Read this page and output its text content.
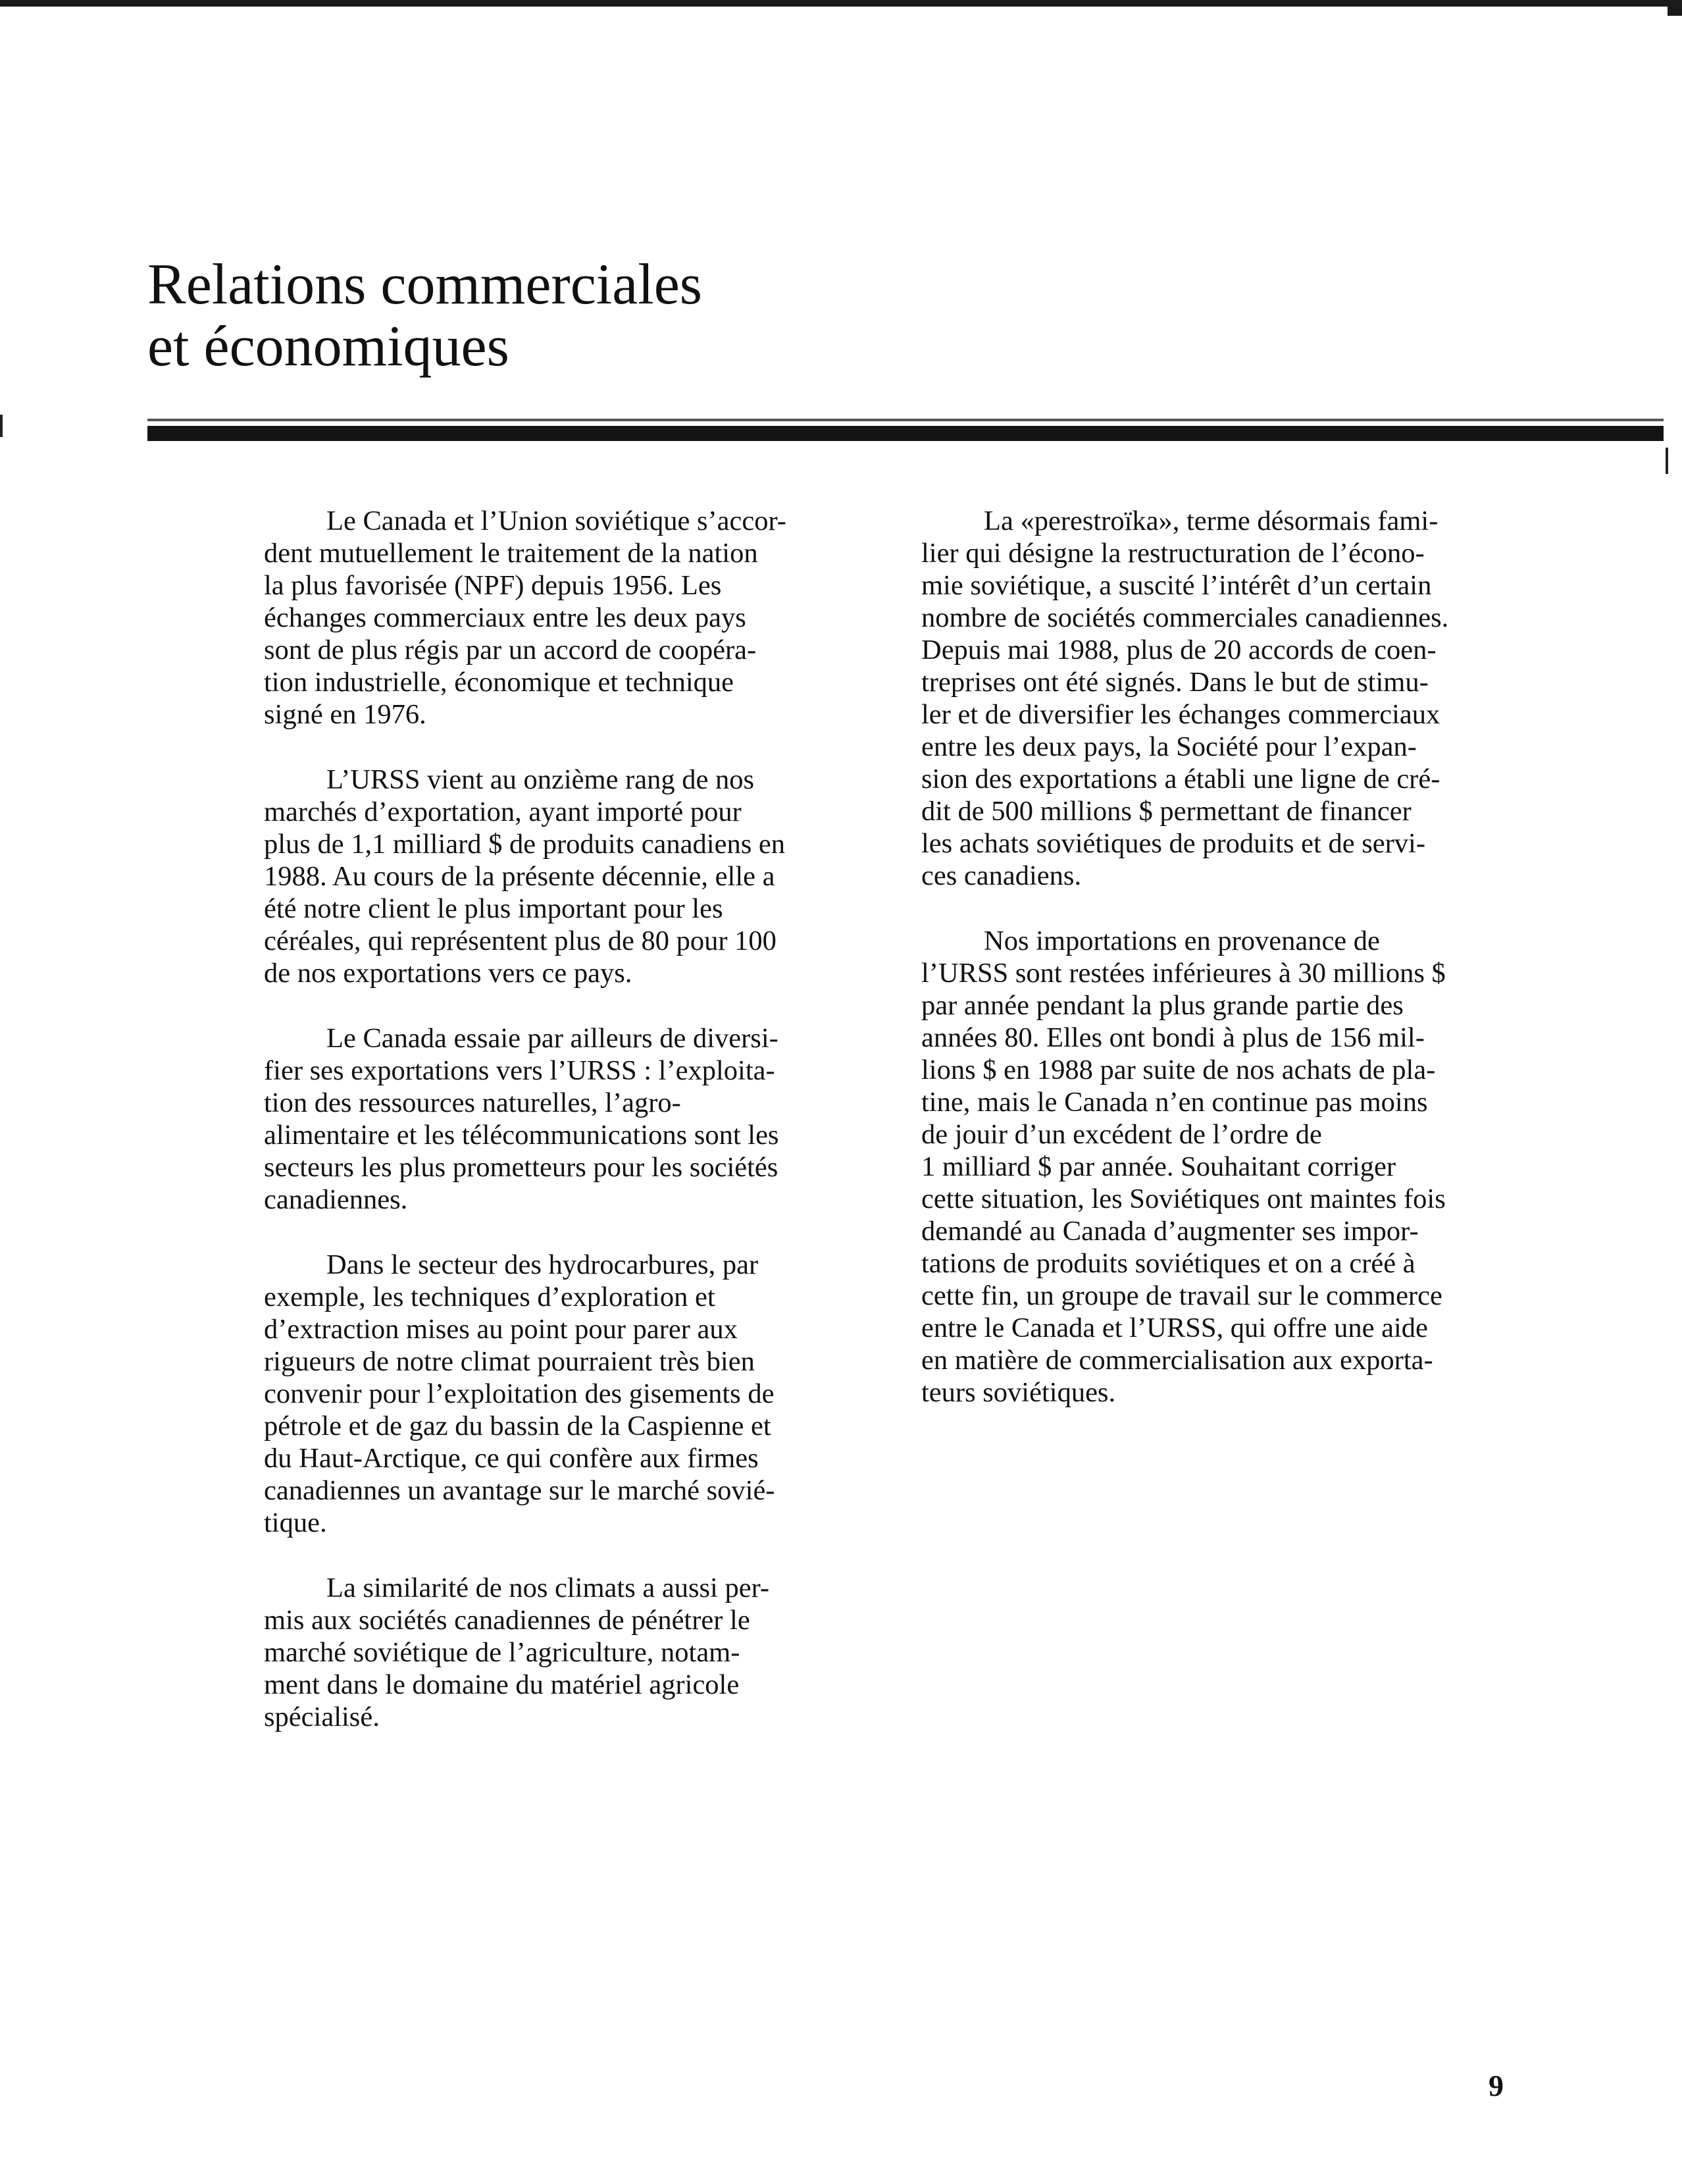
Relations commerciales
et économiques

Le Canada et l’Union soviétique s’accor-
dent mutuellement le traitement de la nation
la plus favorisée (NPF) depuis 1956. Les
échanges commerciaux entre les deux pays
sont de plus régis par un accord de coopéra-
tion industrielle, économique et technique
signé en 1976.

L’URSS vient au onzième rang de nos
marchés d’exportation, ayant importé pour
plus de 1,1 milliard $ de produits canadiens en
1988. Au cours de la présente décennie, elle a
été notre client le plus important pour les
céréales, qui représentent plus de 80 pour 100
de nos exportations vers ce pays.

Le Canada essaie par ailleurs de diversi-
fier ses exportations vers l’URSS : l’exploita-
tion des ressources naturelles, l’agro-
alimentaire et les télécommunications sont les
secteurs les plus prometteurs pour les sociétés
canadiennes.

Dans le secteur des hydrocarbures, par
exemple, les techniques d’exploration et
d’extraction mises au point pour parer aux
rigueurs de notre climat pourraient très bien
convenir pour l’exploitation des gisements de
pétrole et de gaz du bassin de la Caspienne et
du Haut-Arctique, ce qui confère aux firmes
canadiennes un avantage sur le marché sovié-
tique.

La similarité de nos climats a aussi per-
mis aux sociétés canadiennes de pénétrer le
marché soviétique de l’agriculture, notam-
ment dans le domaine du matériel agricole
spécialisé.

La «perestroïka», terme désormais fami-
lier qui désigne la restructuration de l’écono-
mie soviétique, a suscité l’intérêt d’un certain
nombre de sociétés commerciales canadiennes.
Depuis mai 1988, plus de 20 accords de coen-
treprises ont été signés. Dans le but de stimu-
ler et de diversifier les échanges commerciaux
entre les deux pays, la Société pour l’expan-
sion des exportations a établi une ligne de cré-
dit de 500 millions $ permettant de financer
les achats soviétiques de produits et de servi-
ces canadiens.

Nos importations en provenance de
l’URSS sont restées inférieures à 30 millions $
par année pendant la plus grande partie des
années 80. Elles ont bondi à plus de 156 mil-
lions $ en 1988 par suite de nos achats de pla-
tine, mais le Canada n’en continue pas moins
de jouir d’un excédent de l’ordre de
1 milliard $ par année. Souhaitant corriger
cette situation, les Soviétiques ont maintes fois
demandé au Canada d’augmenter ses impor-
tations de produits soviétiques et on a créé à
cette fin, un groupe de travail sur le commerce
entre le Canada et l’URSS, qui offre une aide
en matière de commercialisation aux exporta-
teurs soviétiques.

9
